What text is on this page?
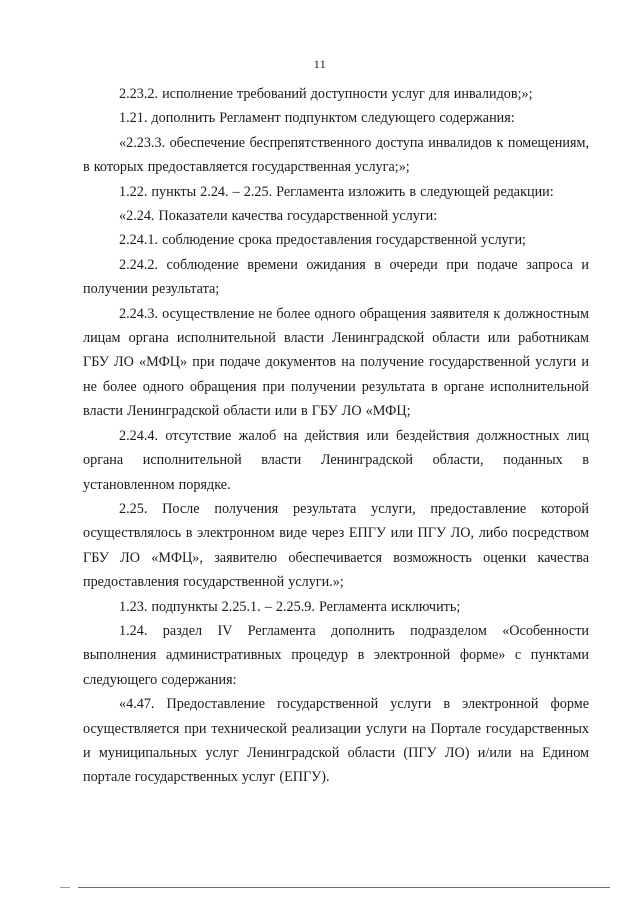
11

2.23.2. исполнение требований доступности услуг для инвалидов;»;

1.21. дополнить Регламент подпунктом следующего содержания:

«2.23.3. обеспечение беспрепятственного доступа инвалидов к помещениям, в которых предоставляется государственная услуга;»;

1.22. пункты 2.24. – 2.25. Регламента изложить в следующей редакции:

«2.24. Показатели качества государственной услуги:

2.24.1. соблюдение срока предоставления государственной услуги;

2.24.2. соблюдение времени ожидания в очереди при подаче запроса и получении результата;

2.24.3. осуществление не более одного обращения заявителя к должностным лицам органа исполнительной власти Ленинградской области или работникам ГБУ ЛО «МФЦ» при подаче документов на получение государственной услуги и не более одного обращения при получении результата в органе исполнительной власти Ленинградской области или в ГБУ ЛО «МФЦ;

2.24.4. отсутствие жалоб на действия или бездействия должностных лиц органа исполнительной власти Ленинградской области, поданных в установленном порядке.

2.25. После получения результата услуги, предоставление которой осуществлялось в электронном виде через ЕПГУ или ПГУ ЛО, либо посредством ГБУ ЛО «МФЦ», заявителю обеспечивается возможность оценки качества предоставления государственной услуги.»;

1.23. подпункты 2.25.1. – 2.25.9. Регламента исключить;

1.24. раздел IV Регламента дополнить подразделом «Особенности выполнения административных процедур в электронной форме» с пунктами следующего содержания:

«4.47. Предоставление государственной услуги в электронной форме осуществляется при технической реализации услуги на Портале государственных и муниципальных услуг Ленинградской области (ПГУ ЛО) и/или на Едином портале государственных услуг (ЕПГУ).
